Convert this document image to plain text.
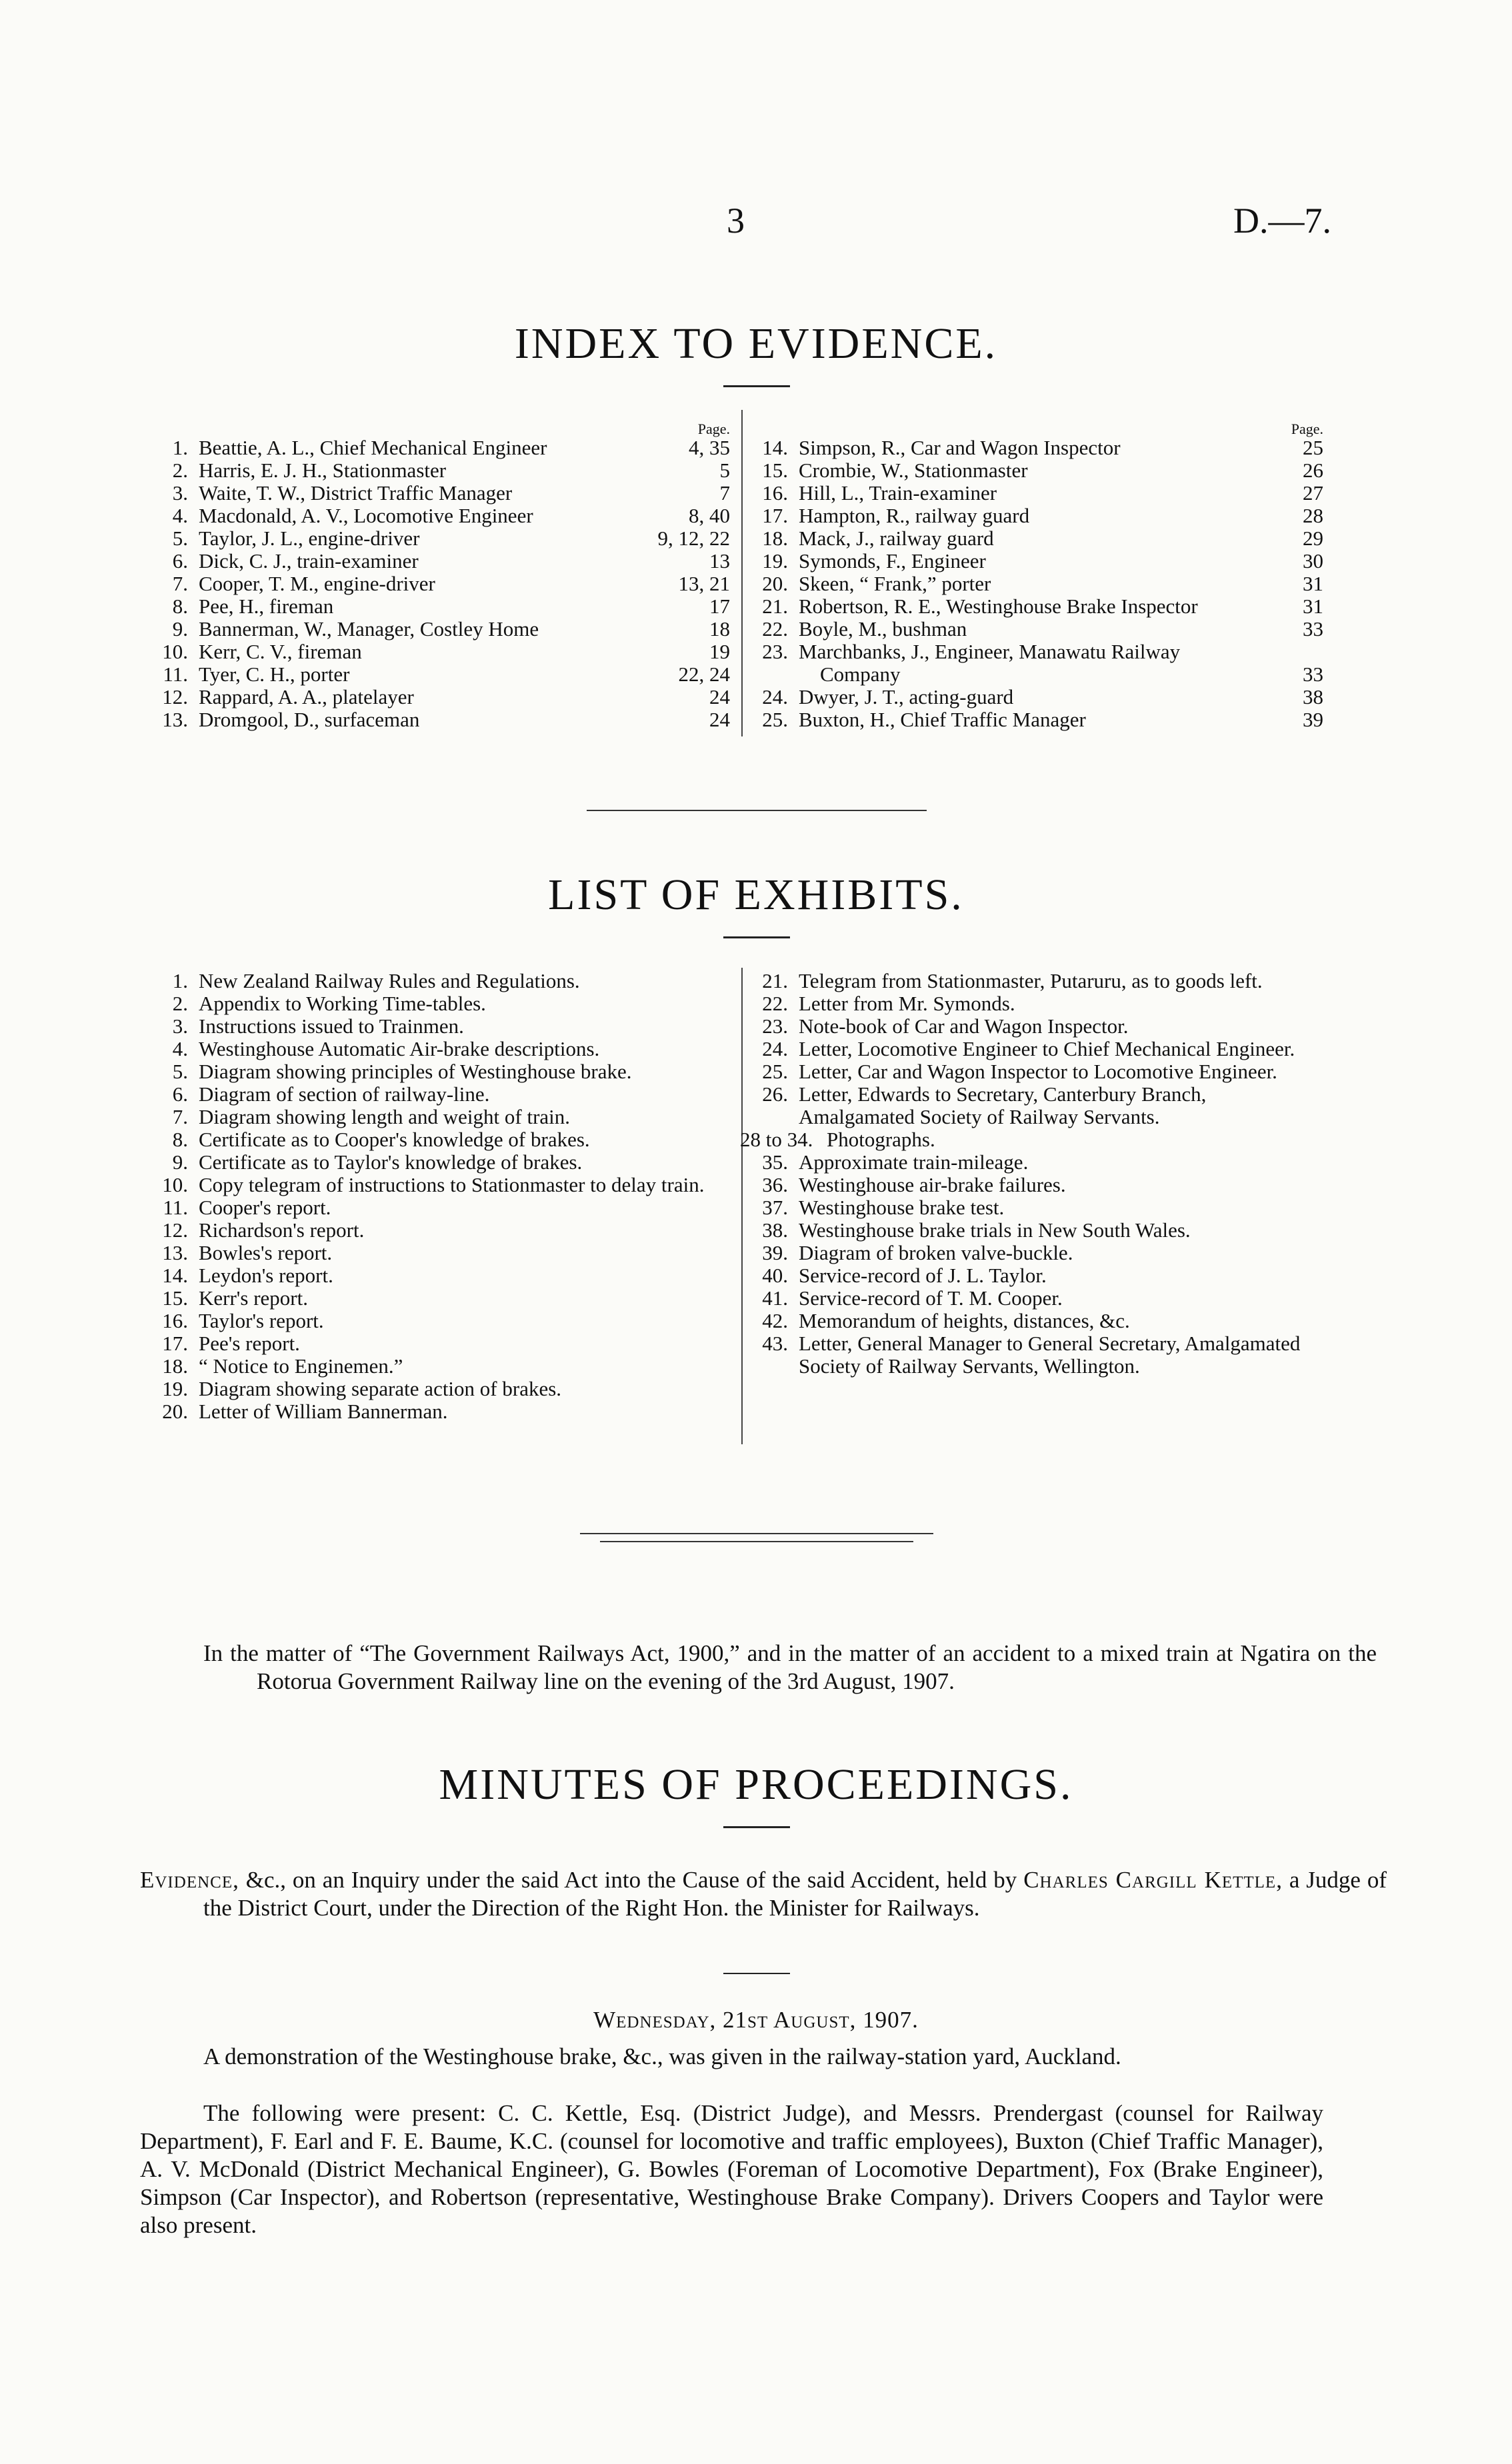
3	D.—7.
INDEX TO EVIDENCE.
Page.
1. Beattie, A. L., Chief Mechanical Engineer	4, 35
2. Harris, E. J. H., Stationmaster	5
3. Waite, T. W., District Traffic Manager	7
4. Macdonald, A. V., Locomotive Engineer	8, 40
5. Taylor, J. L., engine-driver	9, 12, 22
6. Dick, C. J., train-examiner	13
7. Cooper, T. M., engine-driver	13, 21
8. Pee, H., fireman	17
9. Bannerman, W., Manager, Costley Home	18
10. Kerr, C. V., fireman	19
11. Tyer, C. H., porter	22, 24
12. Rappard, A. A., platelayer	24
13. Dromgool, D., surfaceman	24
Page.
14. Simpson, R., Car and Wagon Inspector	25
15. Crombie, W., Stationmaster	26
16. Hill, L., Train-examiner	27
17. Hampton, R., railway guard	28
18. Mack, J., railway guard	29
19. Symonds, F., Engineer	30
20. Skeen, “ Frank,” porter	31
21. Robertson, R. E., Westinghouse Brake Inspector	31
22. Boyle, M., bushman	33
23. Marchbanks, J., Engineer, Manawatu Railway
Company	33
24. Dwyer, J. T., acting-guard	38
25. Buxton, H., Chief Traffic Manager	39
LIST OF EXHIBITS.
1. New Zealand Railway Rules and Regulations.
2. Appendix to Working Time-tables.
3. Instructions issued to Trainmen.
4. Westinghouse Automatic Air-brake descriptions.
5. Diagram showing principles of Westinghouse brake.
6. Diagram of section of railway-line.
7. Diagram showing length and weight of train.
8. Certificate as to Cooper's knowledge of brakes.
9. Certificate as to Taylor's knowledge of brakes.
10. Copy telegram of instructions to Stationmaster to delay train.
11. Cooper's report.
12. Richardson's report.
13. Bowles's report.
14. Leydon's report.
15. Kerr's report.
16. Taylor's report.
17. Pee's report.
18. “ Notice to Enginemen.”
19. Diagram showing separate action of brakes.
20. Letter of William Bannerman.
21. Telegram from Stationmaster, Putaruru, as to goods left.
22. Letter from Mr. Symonds.
23. Note-book of Car and Wagon Inspector.
24. Letter, Locomotive Engineer to Chief Mechanical Engineer.
25. Letter, Car and Wagon Inspector to Locomotive Engineer.
26. Letter, Edwards to Secretary, Canterbury Branch, Amalgamated Society of Railway Servants.
28 to 34. Photographs.
35. Approximate train-mileage.
36. Westinghouse air-brake failures.
37. Westinghouse brake test.
38. Westinghouse brake trials in New South Wales.
39. Diagram of broken valve-buckle.
40. Service-record of J. L. Taylor.
41. Service-record of T. M. Cooper.
42. Memorandum of heights, distances, &c.
43. Letter, General Manager to General Secretary, Amalgamated Society of Railway Servants, Wellington.
In the matter of “The Government Railways Act, 1900,” and in the matter of an accident to a mixed train at Ngatira on the Rotorua Government Railway line on the evening of the 3rd August, 1907.
MINUTES OF PROCEEDINGS.
Evidence, &c., on an Inquiry under the said Act into the Cause of the said Accident, held by Charles Cargill Kettle, a Judge of the District Court, under the Direction of the Right Hon. the Minister for Railways.
Wednesday, 21st August, 1907.
A demonstration of the Westinghouse brake, &c., was given in the railway-station yard, Auckland.
The following were present: C. C. Kettle, Esq. (District Judge), and Messrs. Prendergast (counsel for Railway Department), F. Earl and F. E. Baume, K.C. (counsel for locomotive and traffic employees), Buxton (Chief Traffic Manager), A. V. McDonald (District Mechanical Engineer), G. Bowles (Foreman of Locomotive Department), Fox (Brake Engineer), Simpson (Car Inspector), and Robertson (representative, Westinghouse Brake Company). Drivers Coopers and Taylor were also present.
